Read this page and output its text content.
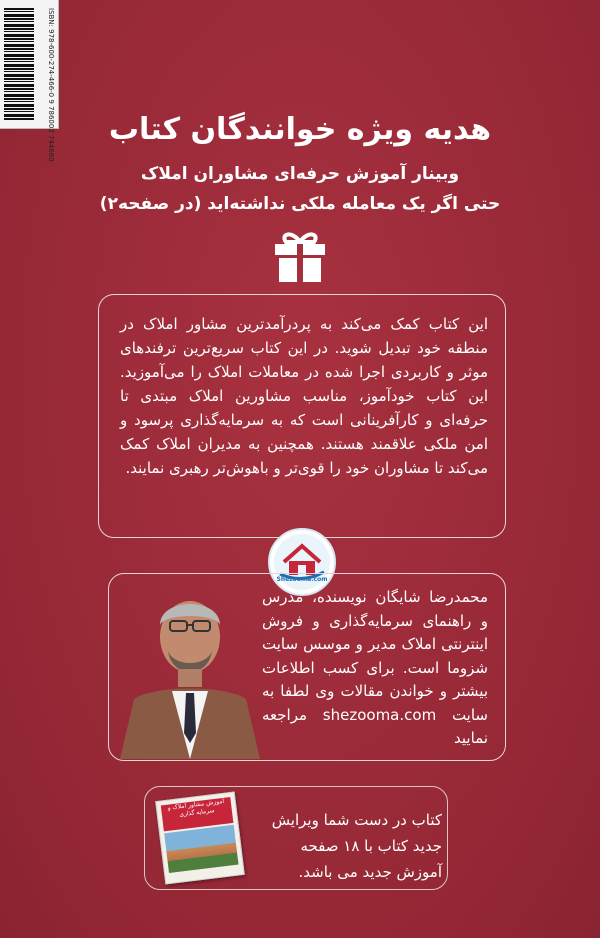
ISBN: 978-600-274-466-0 9 786002 744660	هدیه ویژه خوانندگان کتاب
وبینار آموزش حرفه‌ای مشاوران املاک
حتی اگر یک معامله ملکی نداشته‌اید (در صفحه۲)
این کتاب کمک می‌کند به پردرآمدترین مشاور املاک در منطقه خود تبدیل شوید. در این کتاب سریع‌ترین ترفندهای موثر و کاربردی اجرا شده در معاملات املاک را می‌آموزید. این کتاب خودآموز، مناسب مشاورین املاک مبتدی تا حرفه‌ای و کارآفرینانی است که به سرمایه‌گذاری پرسود و امن ملکی علاقمند هستند. همچنین به مدیران املاک کمک می‌کند تا مشاوران خود را قوی‌تر و باهوش‌تر رهبری نمایند.
Shezooma.com
محمدرضا شایگان نویسنده، مدرس و راهنمای سرمایه‌گذاری و فروش اینترنتی املاک مدیر و موسس سایت شزوما است. برای کسب اطلاعات بیشتر و خواندن مقالات وی لطفا به سایت shezooma.com مراجعه نمایید
آموزش مشاور املاک و سرمایه گذاری	کتاب در دست شما ویرایش جدید کتاب با ۱۸ صفحه آموزش جدید می باشد.
